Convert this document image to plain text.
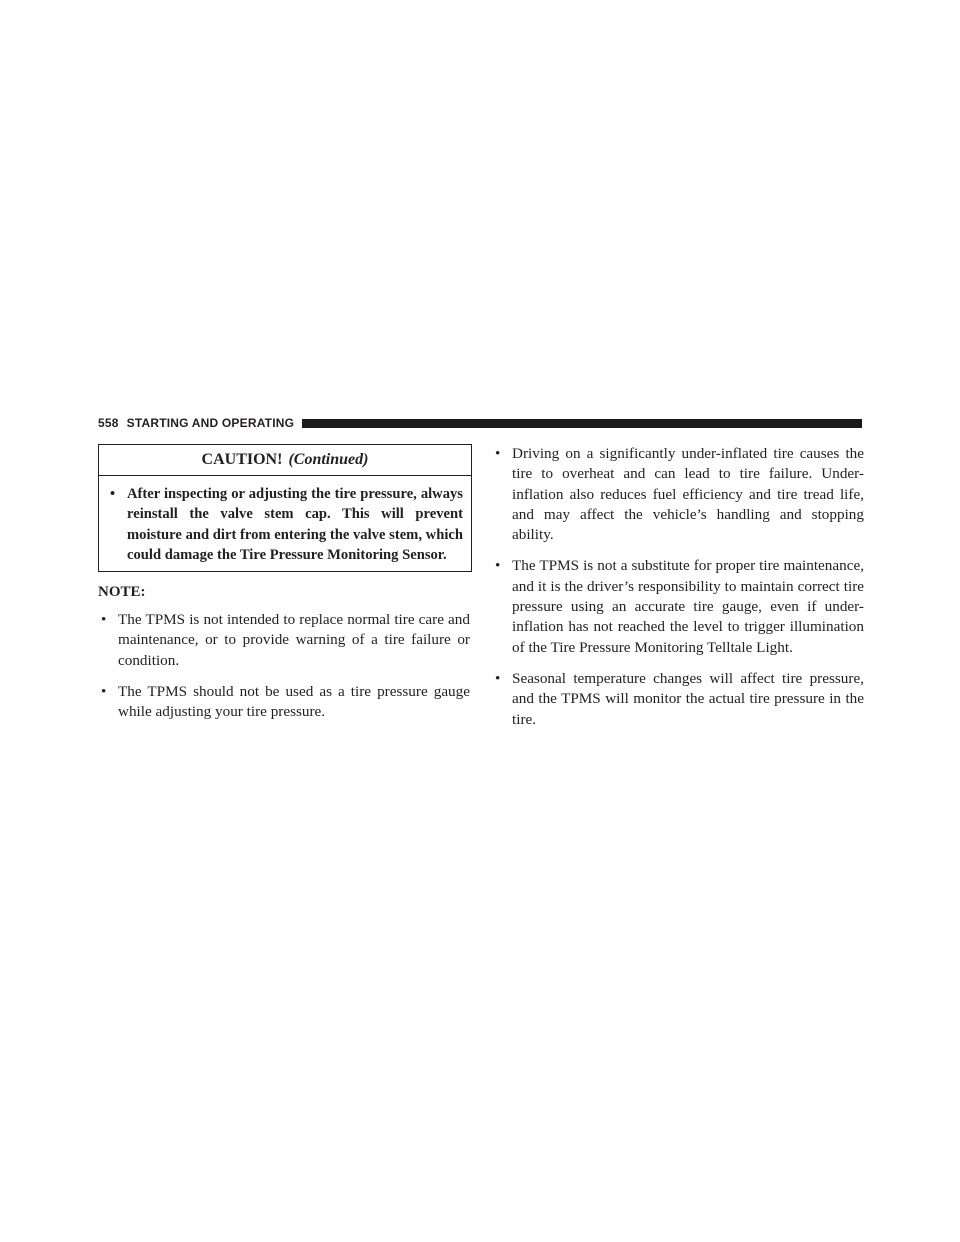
558 STARTING AND OPERATING
CAUTION! (Continued)
• After inspecting or adjusting the tire pressure, always reinstall the valve stem cap. This will prevent moisture and dirt from entering the valve stem, which could damage the Tire Pressure Monitoring Sensor.
NOTE:
• The TPMS is not intended to replace normal tire care and maintenance, or to provide warning of a tire failure or condition.
• The TPMS should not be used as a tire pressure gauge while adjusting your tire pressure.
• Driving on a significantly under-inflated tire causes the tire to overheat and can lead to tire failure. Under-inflation also reduces fuel efficiency and tire tread life, and may affect the vehicle’s handling and stopping ability.
• The TPMS is not a substitute for proper tire maintenance, and it is the driver’s responsibility to maintain correct tire pressure using an accurate tire gauge, even if under-inflation has not reached the level to trigger illumination of the Tire Pressure Monitoring Telltale Light.
• Seasonal temperature changes will affect tire pressure, and the TPMS will monitor the actual tire pressure in the tire.
